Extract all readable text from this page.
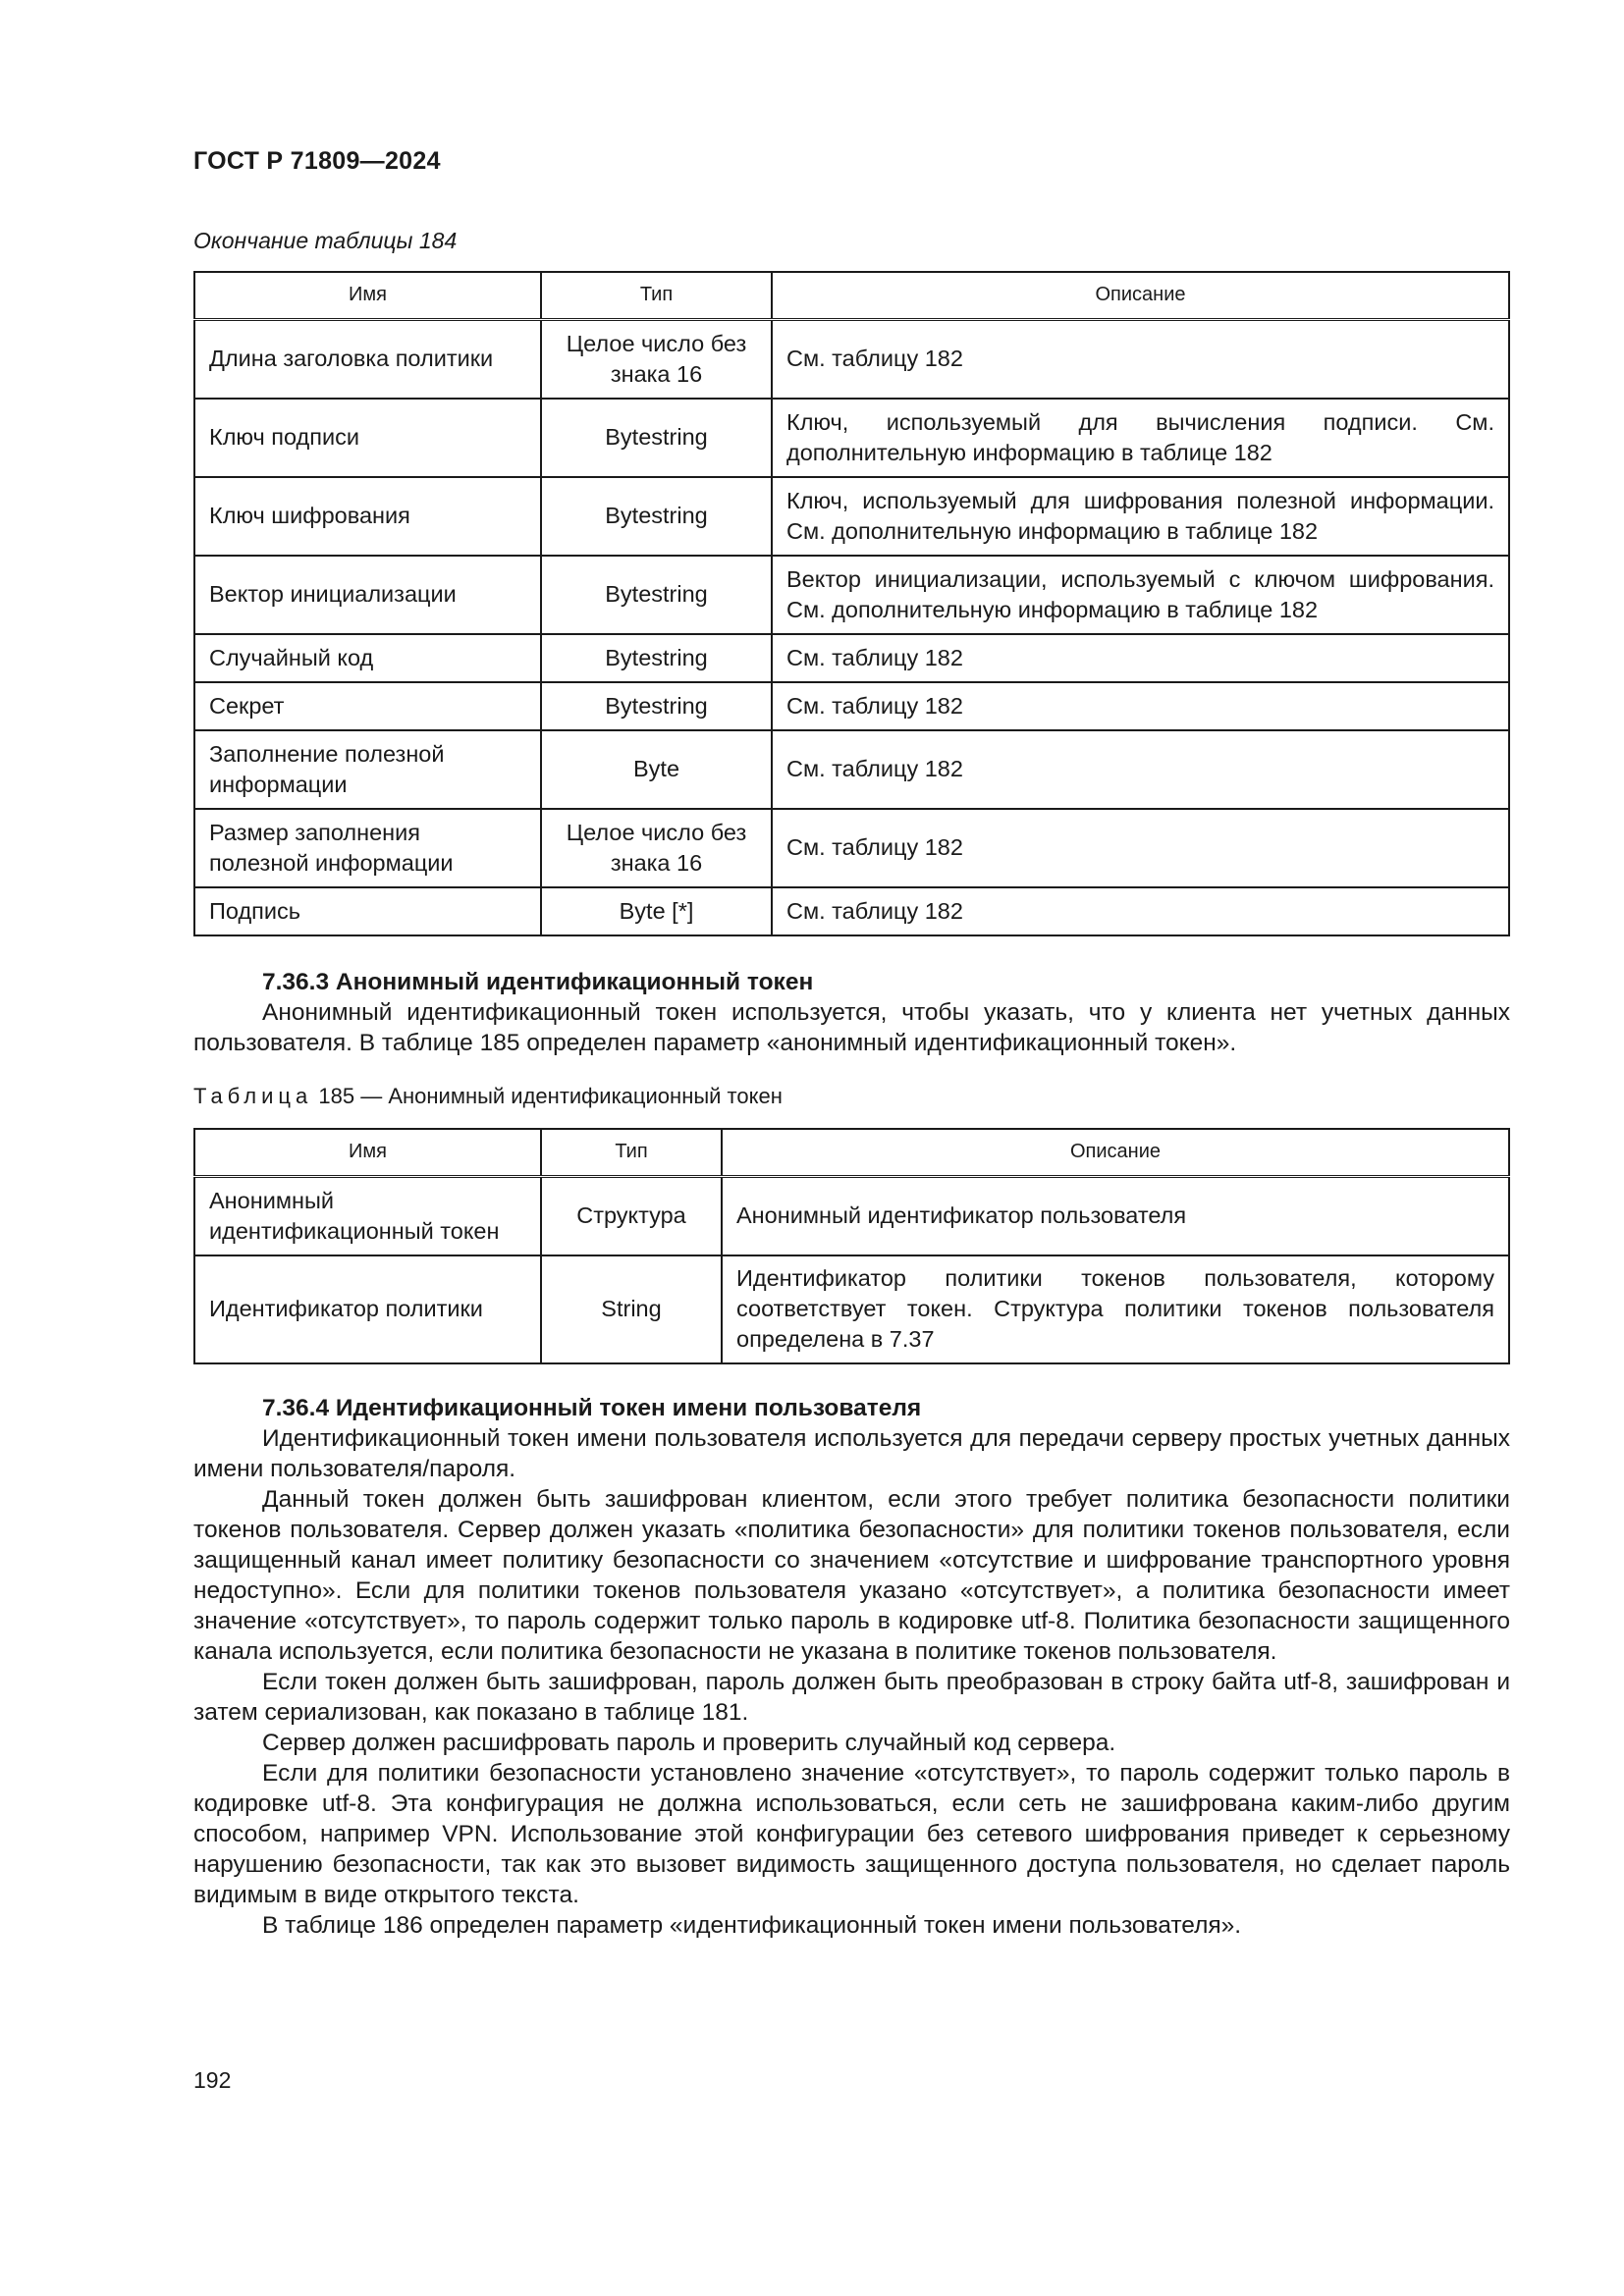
ГОСТ Р 71809—2024
Окончание таблицы 184
Имя	Тип	Описание
Длина заголовка политики	Целое число без знака 16	См. таблицу 182
Ключ подписи	Bytestring	Ключ, используемый для вычисления подписи. См. дополнительную информацию в таблице 182
Ключ шифрования	Bytestring	Ключ, используемый для шифрования полезной информации. См. дополнительную информацию в таблице 182
Вектор инициализации	Bytestring	Вектор инициализации, используемый с ключом шифрования. См. дополнительную информацию в таблице 182
Случайный код	Bytestring	См. таблицу 182
Секрет	Bytestring	См. таблицу 182
Заполнение полезной информации	Byte	См. таблицу 182
Размер заполнения полезной информации	Целое число без знака 16	См. таблицу 182
Подпись	Byte [*]	См. таблицу 182
7.36.3 Анонимный идентификационный токен
Анонимный идентификационный токен используется, чтобы указать, что у клиента нет учетных данных пользователя. В таблице 185 определен параметр «анонимный идентификационный токен».
Таблица 185 — Анонимный идентификационный токен
Имя	Тип	Описание
Анонимный идентификационный токен	Структура	Анонимный идентификатор пользователя
Идентификатор политики	String	Идентификатор политики токенов пользователя, которому соответствует токен. Структура политики токенов пользователя определена в 7.37
7.36.4 Идентификационный токен имени пользователя
Идентификационный токен имени пользователя используется для передачи серверу простых учетных данных имени пользователя/пароля.
Данный токен должен быть зашифрован клиентом, если этого требует политика безопасности политики токенов пользователя. Сервер должен указать «политика безопасности» для политики токенов пользователя, если защищенный канал имеет политику безопасности со значением «отсутствие и шифрование транспортного уровня недоступно». Если для политики токенов пользователя указано «отсутствует», а политика безопасности имеет значение «отсутствует», то пароль содержит только пароль в кодировке utf-8. Политика безопасности защищенного канала используется, если политика безопасности не указана в политике токенов пользователя.
Если токен должен быть зашифрован, пароль должен быть преобразован в строку байта utf-8, зашифрован и затем сериализован, как показано в таблице 181.
Сервер должен расшифровать пароль и проверить случайный код сервера.
Если для политики безопасности установлено значение «отсутствует», то пароль содержит только пароль в кодировке utf-8. Эта конфигурация не должна использоваться, если сеть не зашифрована каким-либо другим способом, например VPN. Использование этой конфигурации без сетевого шифрования приведет к серьезному нарушению безопасности, так как это вызовет видимость защищенного доступа пользователя, но сделает пароль видимым в виде открытого текста.
В таблице 186 определен параметр «идентификационный токен имени пользователя».
192
